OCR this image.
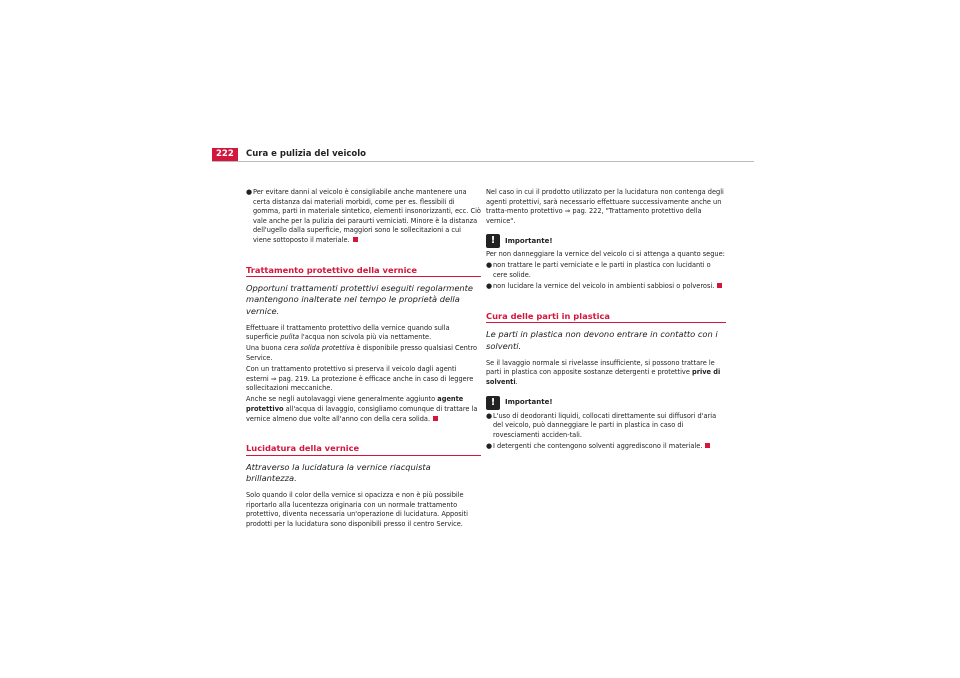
222	Cura e pulizia del veicolo

●Per evitare danni al veicolo è consigliabile anche mantenere una certa distanza dai materiali morbidi, come per es. flessibili di gomma, parti in materiale sintetico, elementi insonorizzanti, ecc. Ciò vale anche per la pulizia dei paraurti verniciati. Minore è la distanza dell'ugello dalla superficie, maggiori sono le sollecitazioni a cui viene sottoposto il materiale.

Trattamento protettivo della vernice
Opportuni trattamenti protettivi eseguiti regolarmente mantengono inalterate nel tempo le proprietà della vernice.

Effettuare il trattamento protettivo della vernice quando sulla superficie pulita l'acqua non scivola più via nettamente.

Una buona cera solida protettiva è disponibile presso qualsiasi Centro Service.

Con un trattamento protettivo si preserva il veicolo dagli agenti esterni ⇒ pag. 219. La protezione è efficace anche in caso di leggere sollecitazioni meccaniche.

Anche se negli autolavaggi viene generalmente aggiunto agente protettivo all'acqua di lavaggio, consigliamo comunque di trattare la vernice almeno due volte all'anno con della cera solida.

Lucidatura della vernice
Attraverso la lucidatura la vernice riacquista brillantezza.

Solo quando il color della vernice si opacizza e non è più possibile riportarlo alla lucentezza originaria con un normale trattamento protettivo, diventa necessaria un'operazione di lucidatura. Appositi prodotti per la lucidatura sono disponibili presso il centro Service.

Nel caso in cui il prodotto utilizzato per la lucidatura non contenga degli agenti protettivi, sarà necessario effettuare successivamente anche un tratta-mento protettivo ⇒ pag. 222, "Trattamento protettivo della vernice".

!	Importante!

Per non danneggiare la vernice del veicolo ci si attenga a quanto segue:

●non trattare le parti verniciate e le parti in plastica con lucidanti o cere solide.

●non lucidare la vernice del veicolo in ambienti sabbiosi o polverosi.

Cura delle parti in plastica
Le parti in plastica non devono entrare in contatto con i solventi.

Se il lavaggio normale si rivelasse insufficiente, si possono trattare le parti in plastica con apposite sostanze detergenti e protettive prive di solventi.

!	Importante!

●L'uso di deodoranti liquidi, collocati direttamente sui diffusori d'aria del veicolo, può danneggiare le parti in plastica in caso di rovesciamenti acciden-tali.

●I detergenti che contengono solventi aggrediscono il materiale.
